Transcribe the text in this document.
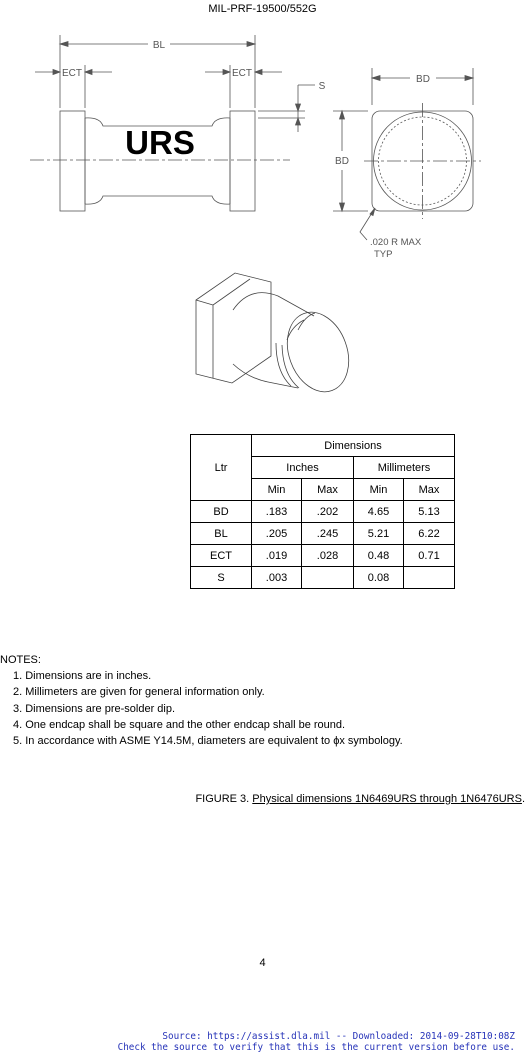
MIL-PRF-19500/552G
BL
ECT	ECT
S
URS
BD
BD
.020 R MAX
TYP
Ltr	Dimensions			
	Inches		Millimeters	
	Min	Max	Min	Max
BD	.183	.202	4.65	5.13
BL	.205	.245	5.21	6.22
ECT	.019	.028	0.48	0.71
S	.003		0.08	
NOTES:
1. Dimensions are in inches.
2. Millimeters are given for general information only.
3. Dimensions are pre-solder dip.
4. One endcap shall be square and the other endcap shall be round.
5. In accordance with ASME Y14.5M, diameters are equivalent to ϕx symbology.
FIGURE 3. Physical dimensions 1N6469URS through 1N6476URS.
4
Source: https://assist.dla.mil -- Downloaded: 2014-09-28T10:08Z
Check the source to verify that this is the current version before use.
